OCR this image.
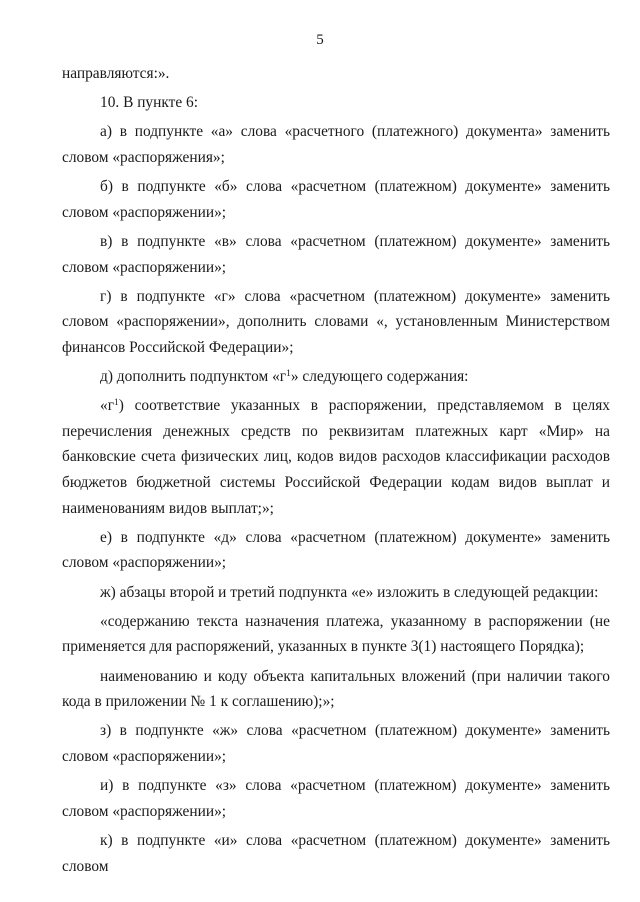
5

направляются:».

10. В пункте 6:

а) в подпункте «а» слова «расчетного (платежного) документа» заменить словом «распоряжения»;

б) в подпункте «б» слова «расчетном (платежном) документе» заменить словом «распоряжении»;

в) в подпункте «в» слова «расчетном (платежном) документе» заменить словом «распоряжении»;

г) в подпункте «г» слова «расчетном (платежном) документе» заменить словом «распоряжении», дополнить словами «, установленным Министерством финансов Российской Федерации»;

д) дополнить подпунктом «$г^1$» следующего содержания:

«$г^1$) соответствие указанных в распоряжении, представляемом в целях перечисления денежных средств по реквизитам платежных карт «Мир» на банковские счета физических лиц, кодов видов расходов классификации расходов бюджетов бюджетной системы Российской Федерации кодам видов выплат и наименованиям видов выплат;»;

е) в подпункте «д» слова «расчетном (платежном) документе» заменить словом «распоряжении»;

ж) абзацы второй и третий подпункта «е» изложить в следующей редакции:

«содержанию текста назначения платежа, указанному в распоряжении (не применяется для распоряжений, указанных в пункте 3(1) настоящего Порядка);

наименованию и коду объекта капитальных вложений (при наличии такого кода в приложении № 1 к соглашению);»;

з) в подпункте «ж» слова «расчетном (платежном) документе» заменить словом «распоряжении»;

и) в подпункте «з» слова «расчетном (платежном) документе» заменить словом «распоряжении»;

к) в подпункте «и» слова «расчетном (платежном) документе» заменить словом
